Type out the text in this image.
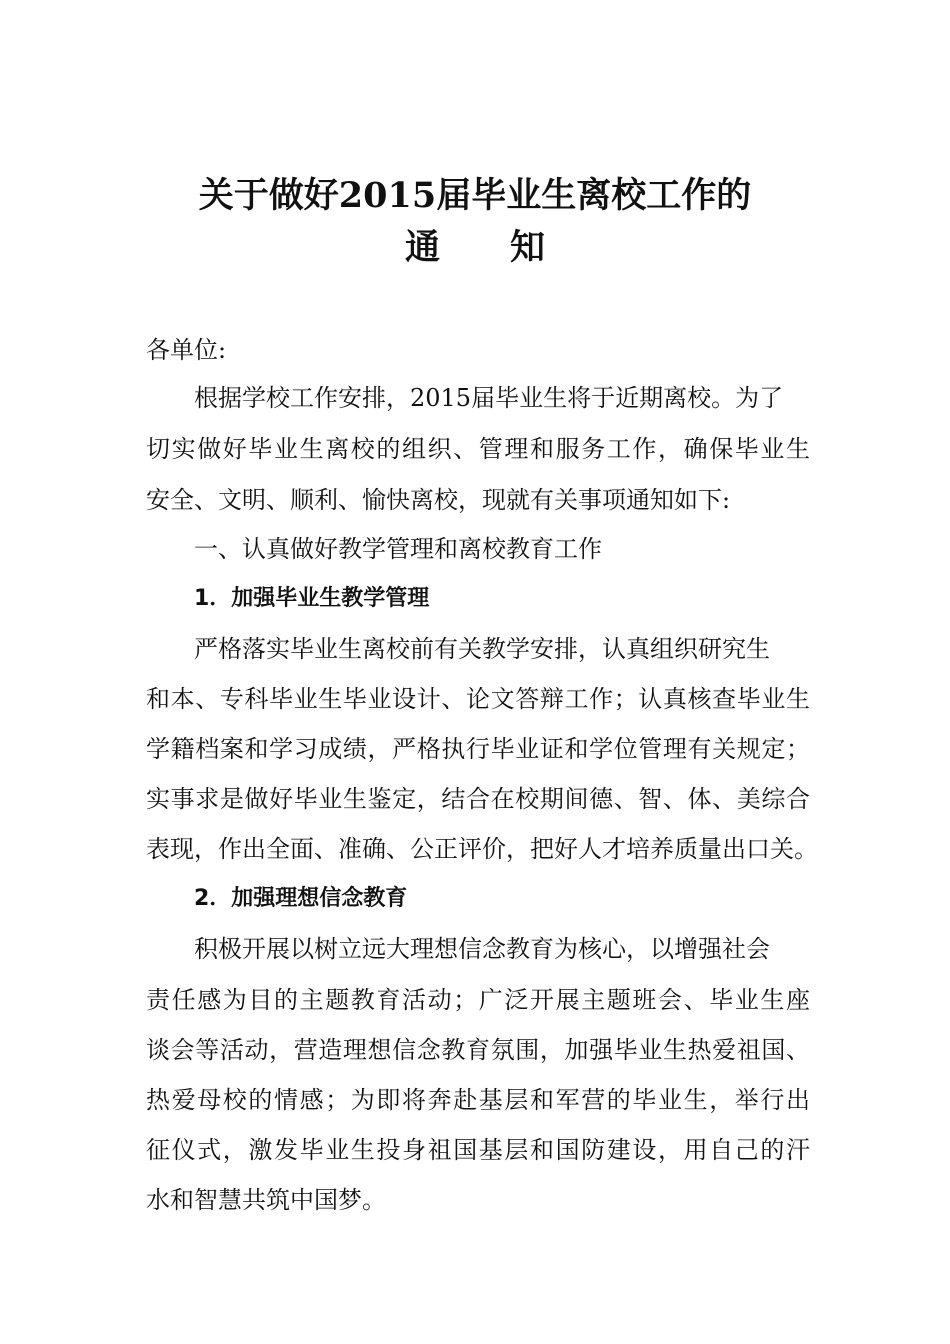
关于做好2015届毕业生离校工作的
通 知
各单位:
根据学校工作安排，2015届毕业生将于近期离校。为了
切实做好毕业生离校的组织、管理和服务工作，确保毕业生
安全、文明、顺利、愉快离校，现就有关事项通知如下:
一、认真做好教学管理和离校教育工作
1．加强毕业生教学管理
严格落实毕业生离校前有关教学安排，认真组织研究生
和本、专科毕业生毕业设计、论文答辩工作；认真核查毕业生
学籍档案和学习成绩，严格执行毕业证和学位管理有关规定；
实事求是做好毕业生鉴定，结合在校期间德、智、体、美综合
表现，作出全面、准确、公正评价，把好人才培养质量出口关。
2．加强理想信念教育
积极开展以树立远大理想信念教育为核心，以增强社会
责任感为目的主题教育活动；广泛开展主题班会、毕业生座
谈会等活动，营造理想信念教育氛围，加强毕业生热爱祖国、
热爱母校的情感；为即将奔赴基层和军营的毕业生，举行出
征仪式，激发毕业生投身祖国基层和国防建设，用自己的汗
水和智慧共筑中国梦。
